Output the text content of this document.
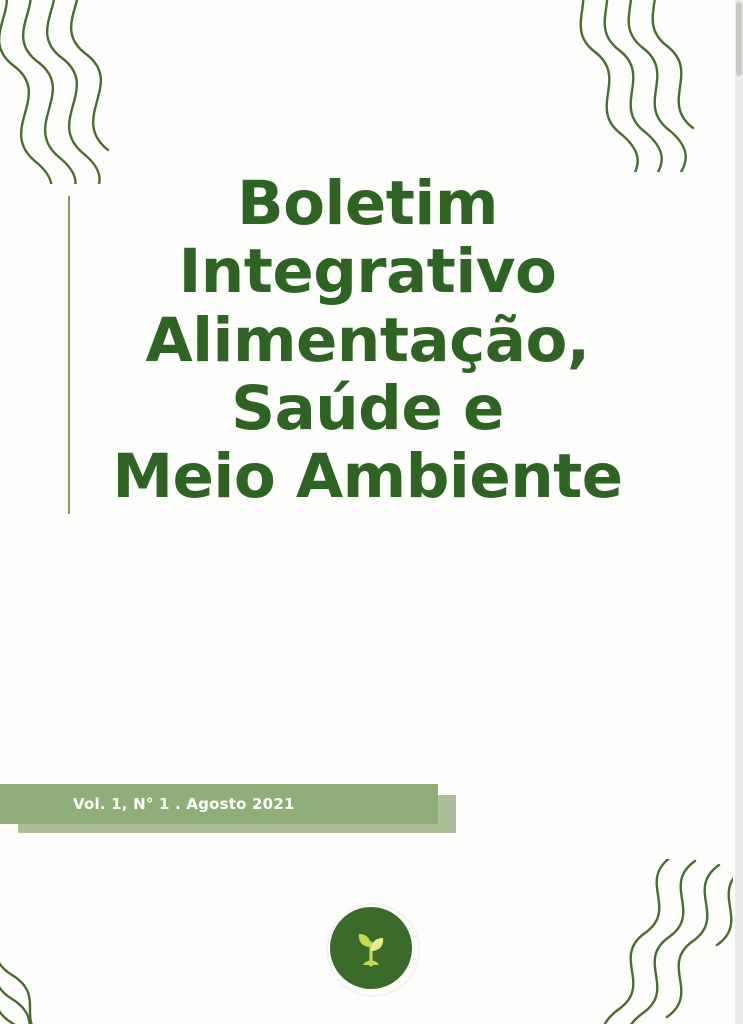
Boletim
Integrativo
Alimentação,
Saúde e
Meio Ambiente
Vol. 1, N° 1 . Agosto 2021
